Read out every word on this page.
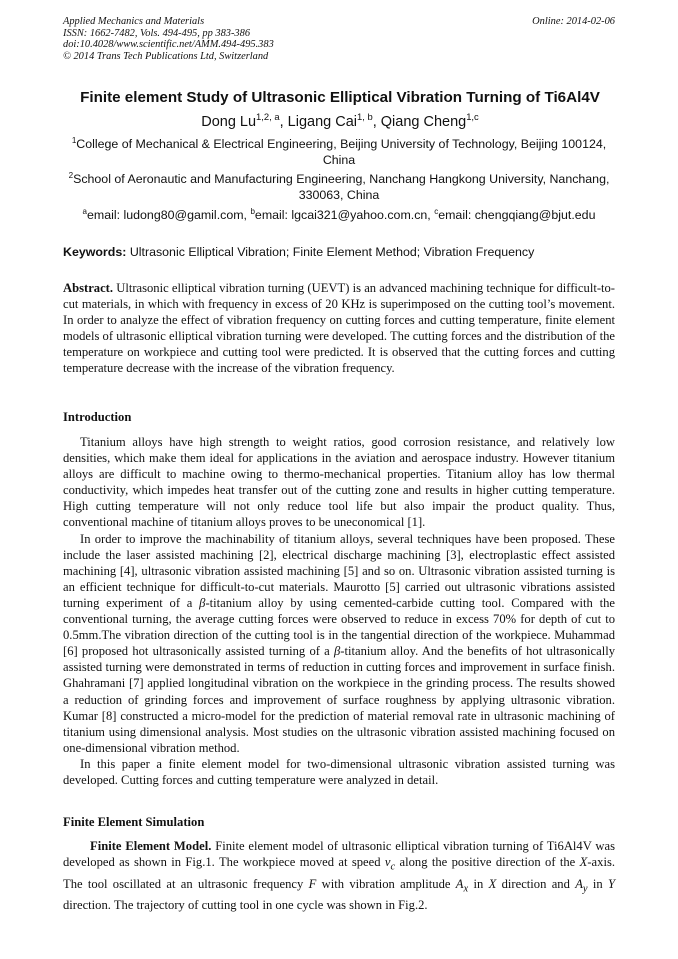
Applied Mechanics and Materials
ISSN: 1662-7482, Vols. 494-495, pp 383-386
doi:10.4028/www.scientific.net/AMM.494-495.383
© 2014 Trans Tech Publications Ltd, Switzerland
Online: 2014-02-06
Finite element Study of Ultrasonic Elliptical Vibration Turning of Ti6Al4V
Dong Lu$^{1,2, a}$, Ligang Cai$^{1, b}$, Qiang Cheng$^{1,c}$
$^1$College of Mechanical & Electrical Engineering, Beijing University of Technology, Beijing 100124, China
$^2$School of Aeronautic and Manufacturing Engineering, Nanchang Hangkong University, Nanchang, 330063, China
$^a$email: ludong80@gamil.com, $^b$email: lgcai321@yahoo.com.cn, $^c$email: chengqiang@bjut.edu
Keywords: Ultrasonic Elliptical Vibration; Finite Element Method; Vibration Frequency
Abstract. Ultrasonic elliptical vibration turning (UEVT) is an advanced machining technique for difficult-to-cut materials, in which with frequency in excess of 20 KHz is superimposed on the cutting tool’s movement. In order to analyze the effect of vibration frequency on cutting forces and cutting temperature, finite element models of ultrasonic elliptical vibration turning were developed. The cutting forces and the distribution of the temperature on workpiece and cutting tool were predicted. It is observed that the cutting forces and cutting temperature decrease with the increase of the vibration frequency.
Introduction

Titanium alloys have high strength to weight ratios, good corrosion resistance, and relatively low densities, which make them ideal for applications in the aviation and aerospace industry. However titanium alloys are difficult to machine owing to thermo-mechanical properties. Titanium alloy has low thermal conductivity, which impedes heat transfer out of the cutting zone and results in higher cutting temperature. High cutting temperature will not only reduce tool life but also impair the product quality. Thus, conventional machine of titanium alloys proves to be uneconomical [1].

In order to improve the machinability of titanium alloys, several techniques have been proposed. These include the laser assisted machining [2], electrical discharge machining [3], electroplastic effect assisted machining [4], ultrasonic vibration assisted machining [5] and so on. Ultrasonic vibration assisted turning is an efficient technique for difficult-to-cut materials. Maurotto [5] carried out ultrasonic vibrations assisted turning experiment of a β-titanium alloy by using cemented-carbide cutting tool. Compared with the conventional turning, the average cutting forces were observed to reduce in excess 70% for depth of cut to 0.5mm.The vibration direction of the cutting tool is in the tangential direction of the workpiece. Muhammad [6] proposed hot ultrasonically assisted turning of a β-titanium alloy. And the benefits of hot ultrasonically assisted turning were demonstrated in terms of reduction in cutting forces and improvement in surface finish. Ghahramani [7] applied longitudinal vibration on the workpiece in the grinding process. The results showed a reduction of grinding forces and improvement of surface roughness by applying ultrasonic vibration. Kumar [8] constructed a micro-model for the prediction of material removal rate in ultrasonic machining of titanium using dimensional analysis. Most studies on the ultrasonic vibration assisted machining focused on one-dimensional vibration method.

In this paper a finite element model for two-dimensional ultrasonic vibration assisted turning was developed. Cutting forces and cutting temperature were analyzed in detail.

Finite Element Simulation

Finite Element Model. Finite element model of ultrasonic elliptical vibration turning of Ti6Al4V was developed as shown in Fig.1. The workpiece moved at speed $v_c$ along the positive direction of the X-axis. The tool oscillated at an ultrasonic frequency F with vibration amplitude $A_x$ in X direction and $A_y$ in Y direction. The trajectory of cutting tool in one cycle was shown in Fig.2.
